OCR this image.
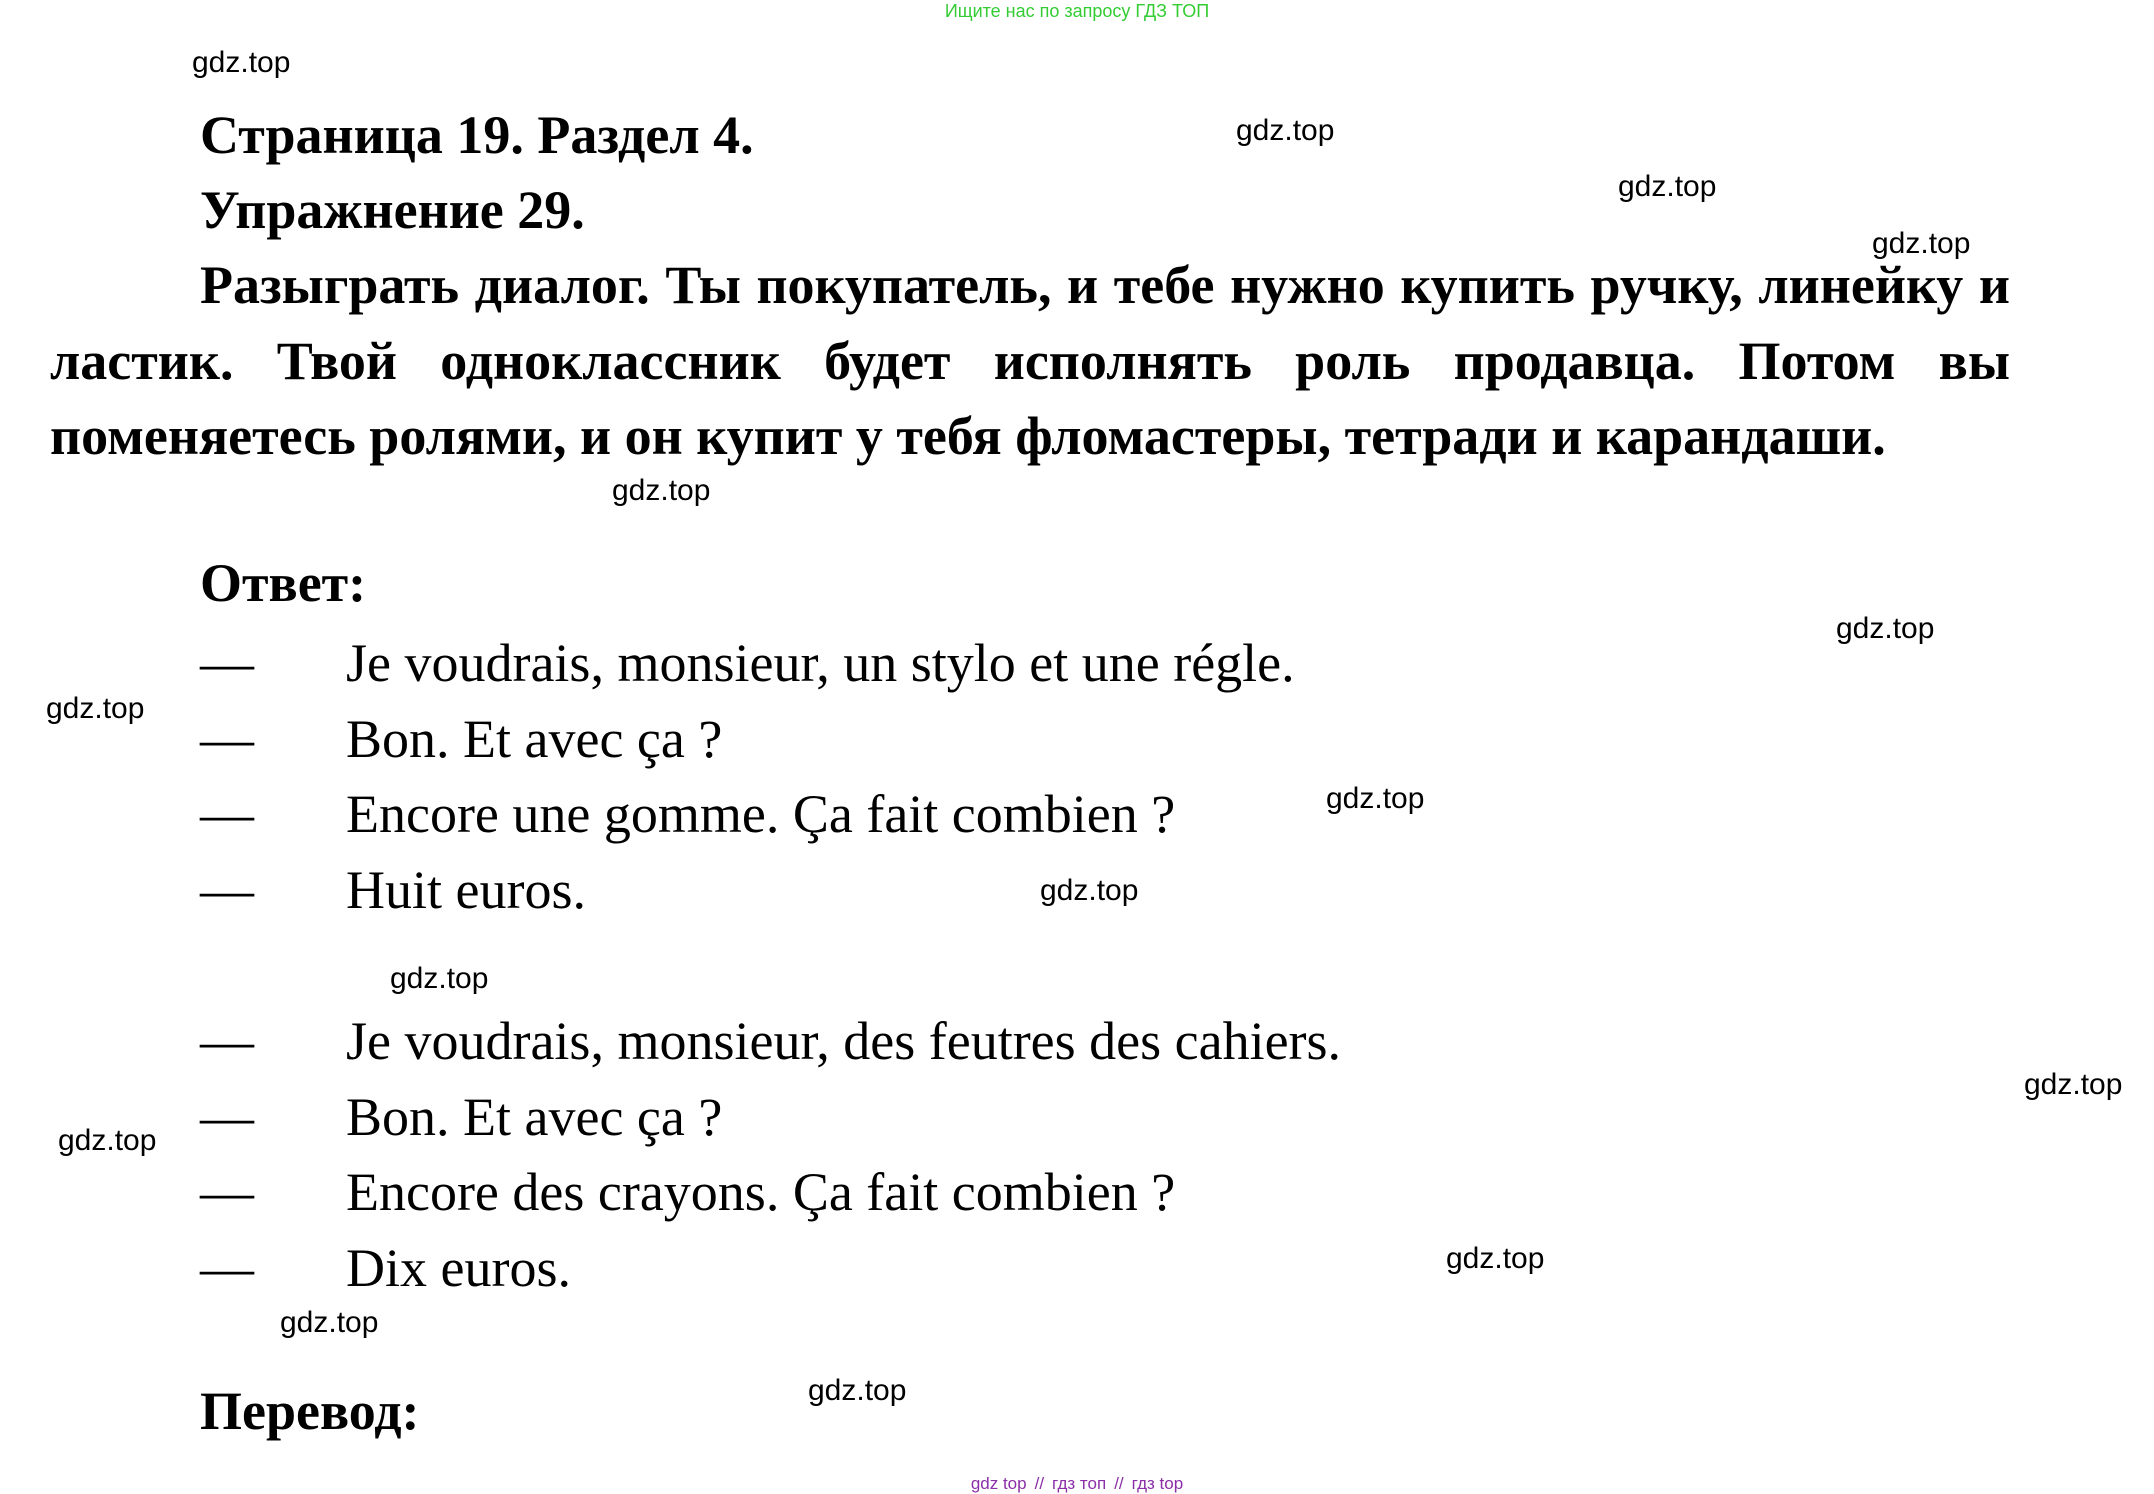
Ищите нас по запросу ГДЗ ТОП
Страница 19. Раздел 4.
Упражнение 29.
Разыграть диалог. Ты покупатель, и тебе нужно купить ручку, линейку и ластик. Твой одноклассник будет исполнять роль продавца. Потом вы поменяетесь ролями, и он купит у тебя фломастеры, тетради и карандаши.
Ответ:
— Je voudrais, monsieur, un stylo et une régle.
— Bon. Et avec ça ?
— Encore une gomme. Ça fait combien ?
— Huit euros.
— Je voudrais, monsieur, des feutres des cahiers.
— Bon. Et avec ça ?
— Encore des crayons. Ça fait combien ?
— Dix euros.
Перевод:
gdz.top
gdz.top
gdz.top
gdz.top
gdz.top
gdz.top
gdz.top
gdz.top
gdz.top
gdz.top
gdz.top
gdz.top
gdz.top
gdz.top
gdz.top
gdz top // гдз топ // гдз top
